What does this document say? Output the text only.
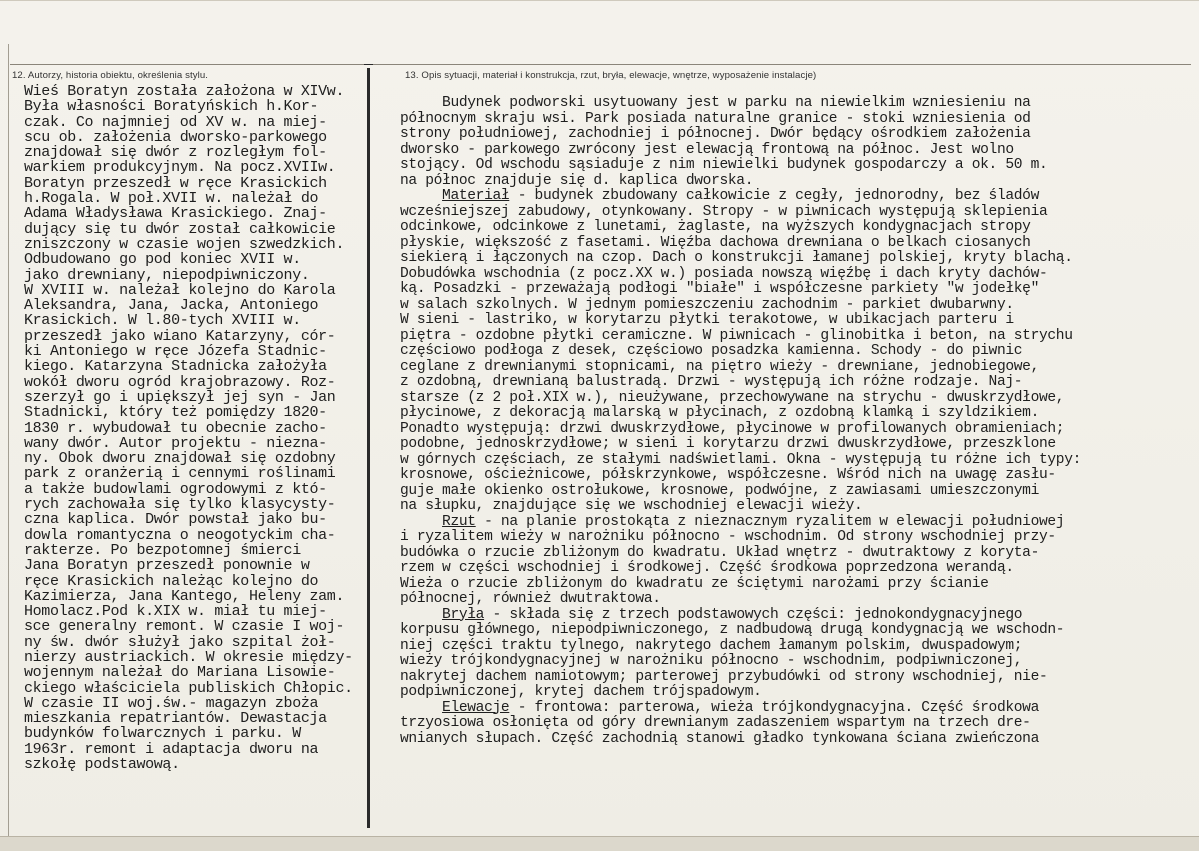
12. Autorzy, historia obiektu, określenia stylu.	13. Opis sytuacji, materiał i konstrukcja, rzut, bryła, elewacje, wnętrze, wyposażenie instalacje)
Wieś Boratyn została założona w XIVw.
Była własności Boratyńskich h.Kor-
czak. Co najmniej od XV w. na miej-
scu ob. założenia dworsko-parkowego
znajdował się dwór z rozległym fol-
warkiem produkcyjnym. Na pocz.XVIIw.
Boratyn przeszedł w ręce Krasickich
h.Rogala. W poł.XVII w. należał do
Adama Władysława Krasickiego. Znaj-
dujący się tu dwór został całkowicie
zniszczony w czasie wojen szwedzkich.
Odbudowano go pod koniec XVII w.
jako drewniany, niepodpiwniczony.
W XVIII w. należał kolejno do Karola
Aleksandra, Jana, Jacka, Antoniego
Krasickich. W l.80-tych XVIII w.
przeszedł jako wiano Katarzyny, cór-
ki Antoniego w ręce Józefa Stadnic-
kiego. Katarzyna Stadnicka założyła
wokół dworu ogród krajobrazowy. Roz-
szerzył go i upiększył jej syn - Jan
Stadnicki, który też pomiędzy 1820-
1830 r. wybudował tu obecnie zacho-
wany dwór. Autor projektu - niezna-
ny. Obok dworu znajdował się ozdobny
park z oranżerią i cennymi roślinami
a także budowlami ogrodowymi z któ-
rych zachowała się tylko klasycysty-
czna kaplica. Dwór powstał jako bu-
dowla romantyczna o neogotyckim cha-
rakterze. Po bezpotomnej śmierci
Jana Boratyn przeszedł ponownie w
ręce Krasickich należąc kolejno do
Kazimierza, Jana Kantego, Heleny zam.
Homolacz.Pod k.XIX w. miał tu miej-
sce generalny remont. W czasie I woj-
ny św. dwór służył jako szpital żoł-
nierzy austriackich. W okresie między-
wojennym należał do Mariana Lisowie-
ckiego właściciela publiskich Chłopic.
W czasie II woj.św.- magazyn zboża
mieszkania repatriantów. Dewastacja
budynków folwarcznych i parku. W
1963r. remont i adaptacja dworu na
szkołę podstawową.
Budynek podworski usytuowany jest w parku na niewielkim wzniesieniu na
północnym skraju wsi. Park posiada naturalne granice - stoki wzniesienia od
strony południowej, zachodniej i północnej. Dwór będący ośrodkiem założenia
dworsko - parkowego zwrócony jest elewacją frontową na północ. Jest wolno
stojący. Od wschodu sąsiaduje z nim niewielki budynek gospodarczy a ok. 50 m.
na północ znajduje się d. kaplica dworska.
Materiał - budynek zbudowany całkowicie z cegły, jednorodny, bez śladów
wcześniejszej zabudowy, otynkowany. Stropy - w piwnicach występują sklepienia
odcinkowe, odcinkowe z lunetami, żaglaste, na wyższych kondygnacjach stropy
płyskie, większość z fasetami. Więźba dachowa drewniana o belkach ciosanych
siekierą i łączonych na czop. Dach o konstrukcji łamanej polskiej, kryty blachą.
Dobudówka wschodnia (z pocz.XX w.) posiada nowszą więźbę i dach kryty dachów-
ką. Posadzki - przeważają podłogi "białe" i współczesne parkiety "w jodełkę"
w salach szkolnych. W jednym pomieszczeniu zachodnim - parkiet dwubarwny.
W sieni - lastriko, w korytarzu płytki terakotowe, w ubikacjach parteru i
piętra - ozdobne płytki ceramiczne. W piwnicach - glinobitka i beton, na strychu
częściowo podłoga z desek, częściowo posadzka kamienna. Schody - do piwnic
ceglane z drewnianymi stopnicami, na piętro wieży - drewniane, jednobiegowe,
z ozdobną, drewnianą balustradą. Drzwi - występują ich różne rodzaje. Naj-
starsze (z 2 poł.XIX w.), nieużywane, przechowywane na strychu - dwuskrzydłowe,
płycinowe, z dekoracją malarską w płycinach, z ozdobną klamką i szyldzikiem.
Ponadto występują: drzwi dwuskrzydłowe, płycinowe w profilowanych obramieniach;
podobne, jednoskrzydłowe; w sieni i korytarzu drzwi dwuskrzydłowe, przeszklone
w górnych częściach, ze stałymi nadświetlami. Okna - występują tu różne ich typy:
krosnowe, ościeżnicowe, półskrzynkowe, współczesne. Wśród nich na uwagę zasłu-
guje małe okienko ostrołukowe, krosnowe, podwójne, z zawiasami umieszczonymi
na słupku, znajdujące się we wschodniej elewacji wieży.
Rzut - na planie prostokąta z nieznacznym ryzalitem w elewacji południowej
i ryzalitem wieży w narożniku północno - wschodnim. Od strony wschodniej przy-
budówka o rzucie zbliżonym do kwadratu. Układ wnętrz - dwutraktowy z koryta-
rzem w części wschodniej i środkowej. Część środkowa poprzedzona werandą.
Wieża o rzucie zbliżonym do kwadratu ze ściętymi narożami przy ścianie
północnej, również dwutraktowa.
Bryła - składa się z trzech podstawowych części: jednokondygnacyjnego
korpusu głównego, niepodpiwniczonego, z nadbudową drugą kondygnacją we wschodn-
niej części traktu tylnego, nakrytego dachem łamanym polskim, dwuspadowym;
wieży trójkondygnacyjnej w narożniku północno - wschodnim, podpiwniczonej,
nakrytej dachem namiotowym; parterowej przybudówki od strony wschodniej, nie-
podpiwniczonej, krytej dachem trójspadowym.
Elewacje - frontowa: parterowa, wieża trójkondygnacyjna. Część środkowa
trzyosiowa osłonięta od góry drewnianym zadaszeniem wspartym na trzech dre-
wnianych słupach. Część zachodnią stanowi gładko tynkowana ściana zwieńczona
